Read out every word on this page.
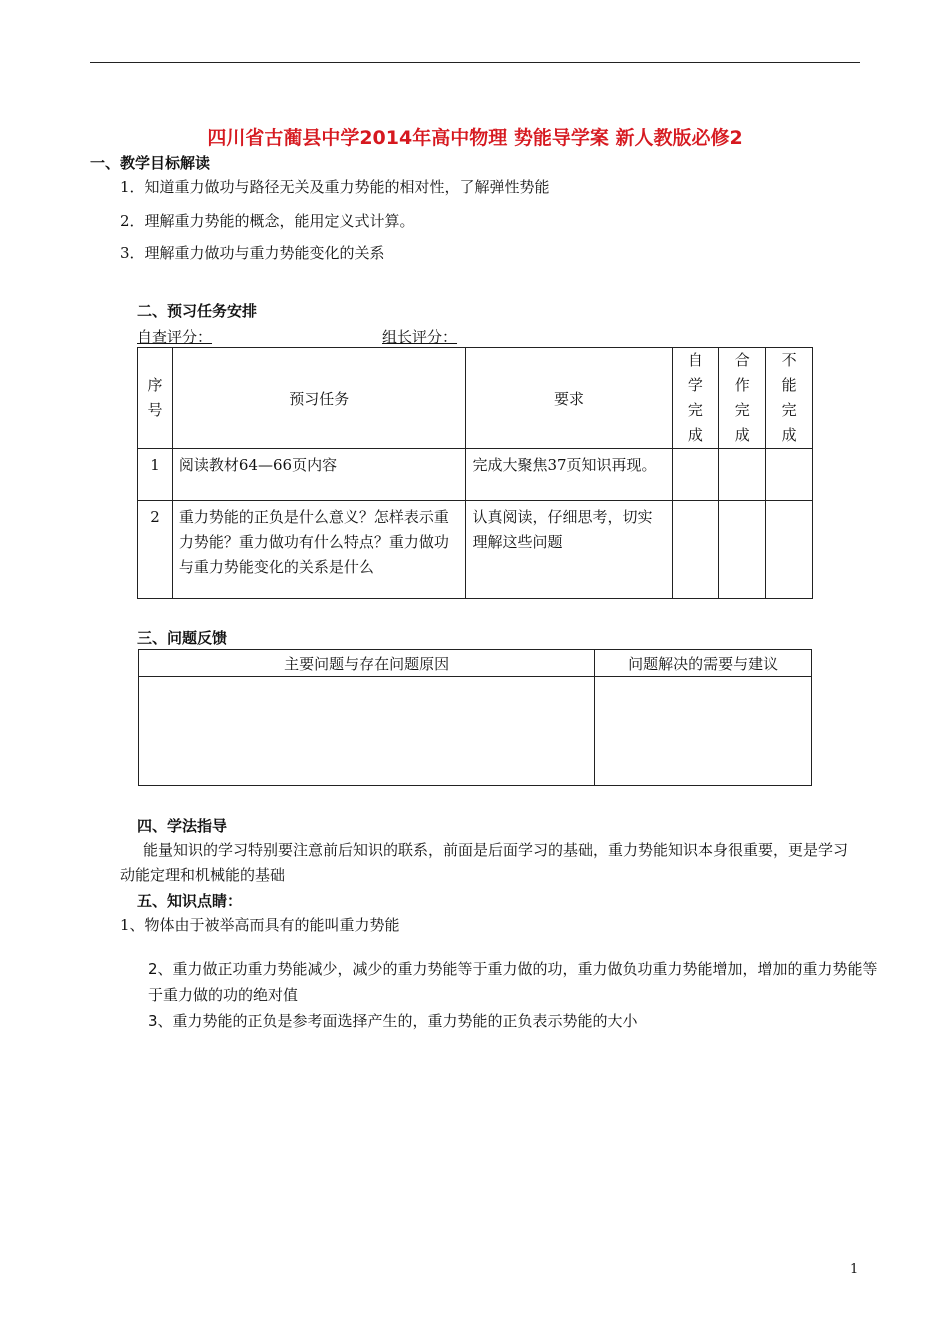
四川省古蔺县中学2014年高中物理 势能导学案 新人教版必修2
一、教学目标解读
1．知道重力做功与路径无关及重力势能的相对性，了解弹性势能
2．理解重力势能的概念，能用定义式计算。
3．理解重力做功与重力势能变化的关系
二、预习任务安排
自查评分：	组长评分：
序
号	预习任务	要求	自
学
完
成	合
作
完
成	不
能
完
成

1	阅读教材64—66页内容	完成大聚焦37页知识再现。			
2	重力势能的正负是什么意义？怎样表示重力势能？重力做功有什么特点？重力做功与重力势能变化的关系是什么	认真阅读，仔细思考，切实理解这些问题			
三、问题反馈
主要问题与存在问题原因	问题解决的需要与建议

四、学法指导
能量知识的学习特别要注意前后知识的联系，前面是后面学习的基础，重力势能知识本身很重要，更是学习动能定理和机械能的基础
五、知识点睛：
1、物体由于被举高而具有的能叫重力势能
2、重力做正功重力势能减少，减少的重力势能等于重力做的功，重力做负功重力势能增加，增加的重力势能等于重力做的功的绝对值
3、重力势能的正负是参考面选择产生的，重力势能的正负表示势能的大小
1
